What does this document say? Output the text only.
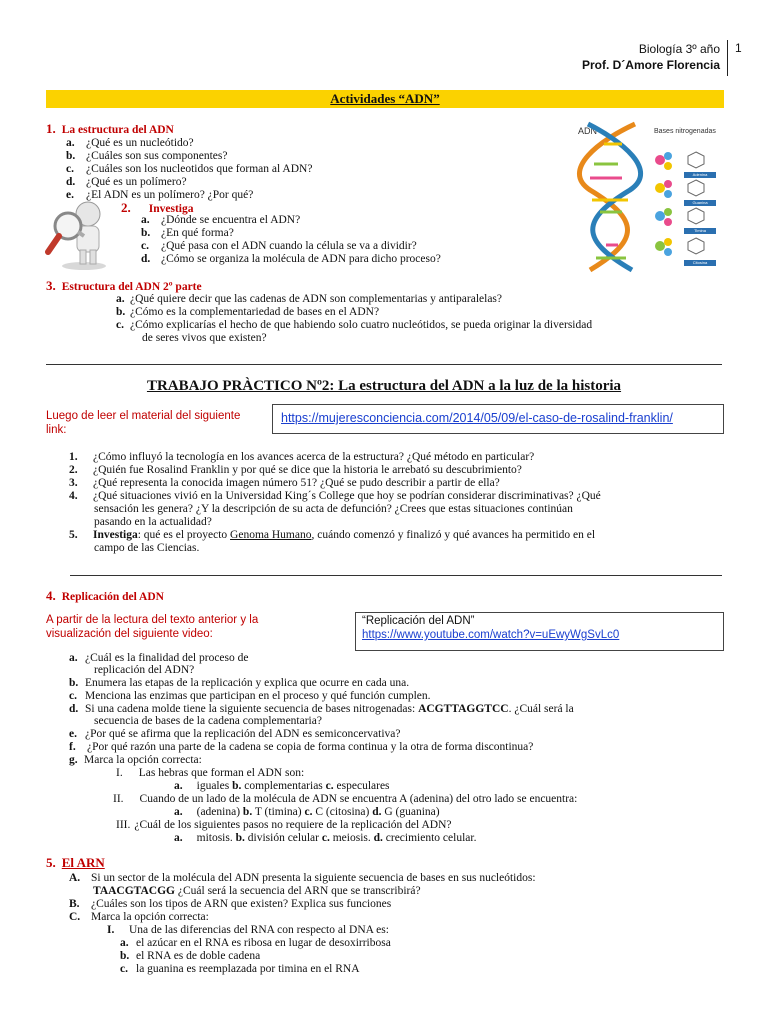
Biología 3º año
Prof. D´Amore Florencia
1
Actividades “ADN”
1. La estructura del ADN
a. ¿Qué es un nucleótido?
b. ¿Cuáles son sus componentes?
c. ¿Cuáles son los nucleotidos que forman al ADN?
d. ¿Qué es un polímero?
e. ¿El ADN es un polímero? ¿Por qué?
2. Investiga
a. ¿Dónde se encuentra el ADN?
b. ¿En qué forma?
c. ¿Qué pasa con el ADN cuando la célula se va a dividir?
d. ¿Cómo se organiza la molécula de ADN para dicho proceso?
ADN	Bases nitrogenadas
Adenina
Guanina
Timina
Citosina
3. Estructura del ADN 2º parte
a. ¿Qué quiere decir que las cadenas de ADN son complementarias y antiparalelas?
b. ¿Cómo es la complementariedad de bases en el ADN?
c. ¿Cómo explicarías el hecho de que habiendo solo cuatro nucleótidos, se pueda originar la diversidad
de seres vivos que existen?
TRABAJO PRÀCTICO Nº2: La estructura del ADN a la luz de la historia
Luego de leer el material del siguiente
link:
https://mujeresconciencia.com/2014/05/09/el-caso-de-rosalind-franklin/
1. ¿Cómo influyó la tecnología en los avances acerca de la estructura? ¿Qué método en particular?
2. ¿Quién fue Rosalind Franklin y por qué se dice que la historia le arrebató su descubrimiento?
3. ¿Qué representa la conocida imagen número 51? ¿Qué se pudo describir a partir de ella?
4. ¿Qué situaciones vivió en la Universidad King´s College que hoy se podrían considerar discriminativas? ¿Qué
sensación les genera? ¿Y la descripción de su acta de defunción? ¿Crees que estas situaciones continúan
pasando en la actualidad?
5. Investiga: qué es el proyecto Genoma Humano, cuándo comenzó y finalizó y qué avances ha permitido en el
campo de las Ciencias.
4. Replicación del ADN
A partir de la lectura del texto anterior y la
visualización del siguiente video:
“Replicación del ADN”
https://www.youtube.com/watch?v=uEwyWgSvLc0
a. ¿Cuál es la finalidad del proceso de
replicación del ADN?
b. Enumera las etapas de la replicación y explica que ocurre en cada una.
c. Menciona las enzimas que participan en el proceso y qué función cumplen.
d. Si una cadena molde tiene la siguiente secuencia de bases nitrogenadas: ACGTTAGGTCC. ¿Cuál será la
secuencia de bases de la cadena complementaria?
e. ¿Por qué se afirma que la replicación del ADN es semiconcervativa?
f. ¿Por qué razón una parte de la cadena se copia de forma continua y la otra de forma discontinua?
g. Marca la opción correcta:
I. Las hebras que forman el ADN son:
a. iguales b. complementarias c. especulares
II. Cuando de un lado de la molécula de ADN se encuentra A (adenina) del otro lado se encuentra:
a. (adenina) b. T (timina) c. C (citosina) d. G (guanina)
III. ¿Cuál de los siguientes pasos no requiere de la replicación del ADN?
a. mitosis. b. división celular c. meiosis. d. crecimiento celular.
5. El ARN
A. Si un sector de la molécula del ADN presenta la siguiente secuencia de bases en sus nucleótidos:
TAACGTACGG ¿Cuál será la secuencia del ARN que se transcribirá?
B. ¿Cuáles son los tipos de ARN que existen? Explica sus funciones
C. Marca la opción correcta:
I. Una de las diferencias del RNA con respecto al DNA es:
a. el azúcar en el RNA es ribosa en lugar de desoxirribosa
b. el RNA es de doble cadena
c. la guanina es reemplazada por timina en el RNA
